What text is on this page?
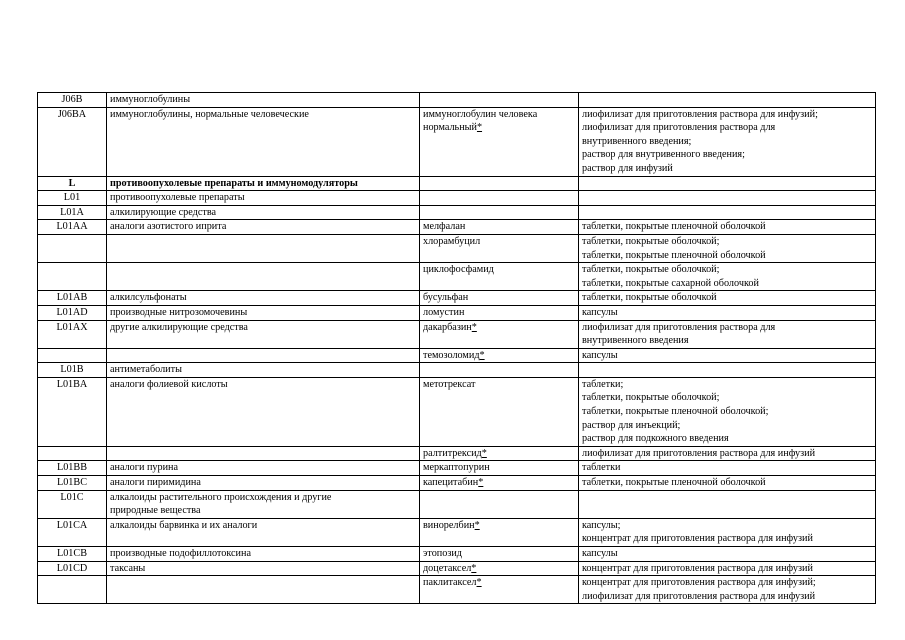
J06B	иммуноглобулины		

J06BA	иммуноглобулины, нормальные человеческие	иммуноглобулин человека
нормальный*	лиофилизат для приготовления раствора для инфузий;
лиофилизат для приготовления раствора для
внутривенного введения;
раствор для внутривенного введения;
раствор для инфузий

L	противоопухолевые препараты и иммуномодуляторы		

L01	противоопухолевые препараты		

L01A	алкилирующие средства		

L01AA	аналоги азотистого иприта	мелфалан	таблетки, покрытые пленочной оболочкой

		хлорамбуцил	таблетки, покрытые оболочкой;
таблетки, покрытые пленочной оболочкой

		циклофосфамид	таблетки, покрытые оболочкой;
таблетки, покрытые сахарной оболочкой

L01AB	алкилсульфонаты	бусульфан	таблетки, покрытые оболочкой

L01AD	производные нитрозомочевины	ломустин	капсулы

L01AX	другие алкилирующие средства	дакарбазин*	лиофилизат для приготовления раствора для
внутривенного введения

		темозоломид*	капсулы

L01B	антиметаболиты		

L01BA	аналоги фолиевой кислоты	метотрексат	таблетки;
таблетки, покрытые оболочкой;
таблетки, покрытые пленочной оболочкой;
раствор для инъекций;
раствор для подкожного введения

		ралтитрексид*	лиофилизат для приготовления раствора для инфузий

L01BB	аналоги пурина	меркаптопурин	таблетки

L01BC	аналоги пиримидина	капецитабин*	таблетки, покрытые пленочной оболочкой

L01C	алкалоиды растительного происхождения и другие
природные вещества		

L01CA	алкалоиды барвинка и их аналоги	винорелбин*	капсулы;
концентрат для приготовления раствора для инфузий

L01CB	производные подофиллотоксина	этопозид	капсулы

L01CD	таксаны	доцетаксел*	концентрат для приготовления раствора для инфузий

		паклитаксел*	концентрат для приготовления раствора для инфузий;
лиофилизат для приготовления раствора для инфузий
